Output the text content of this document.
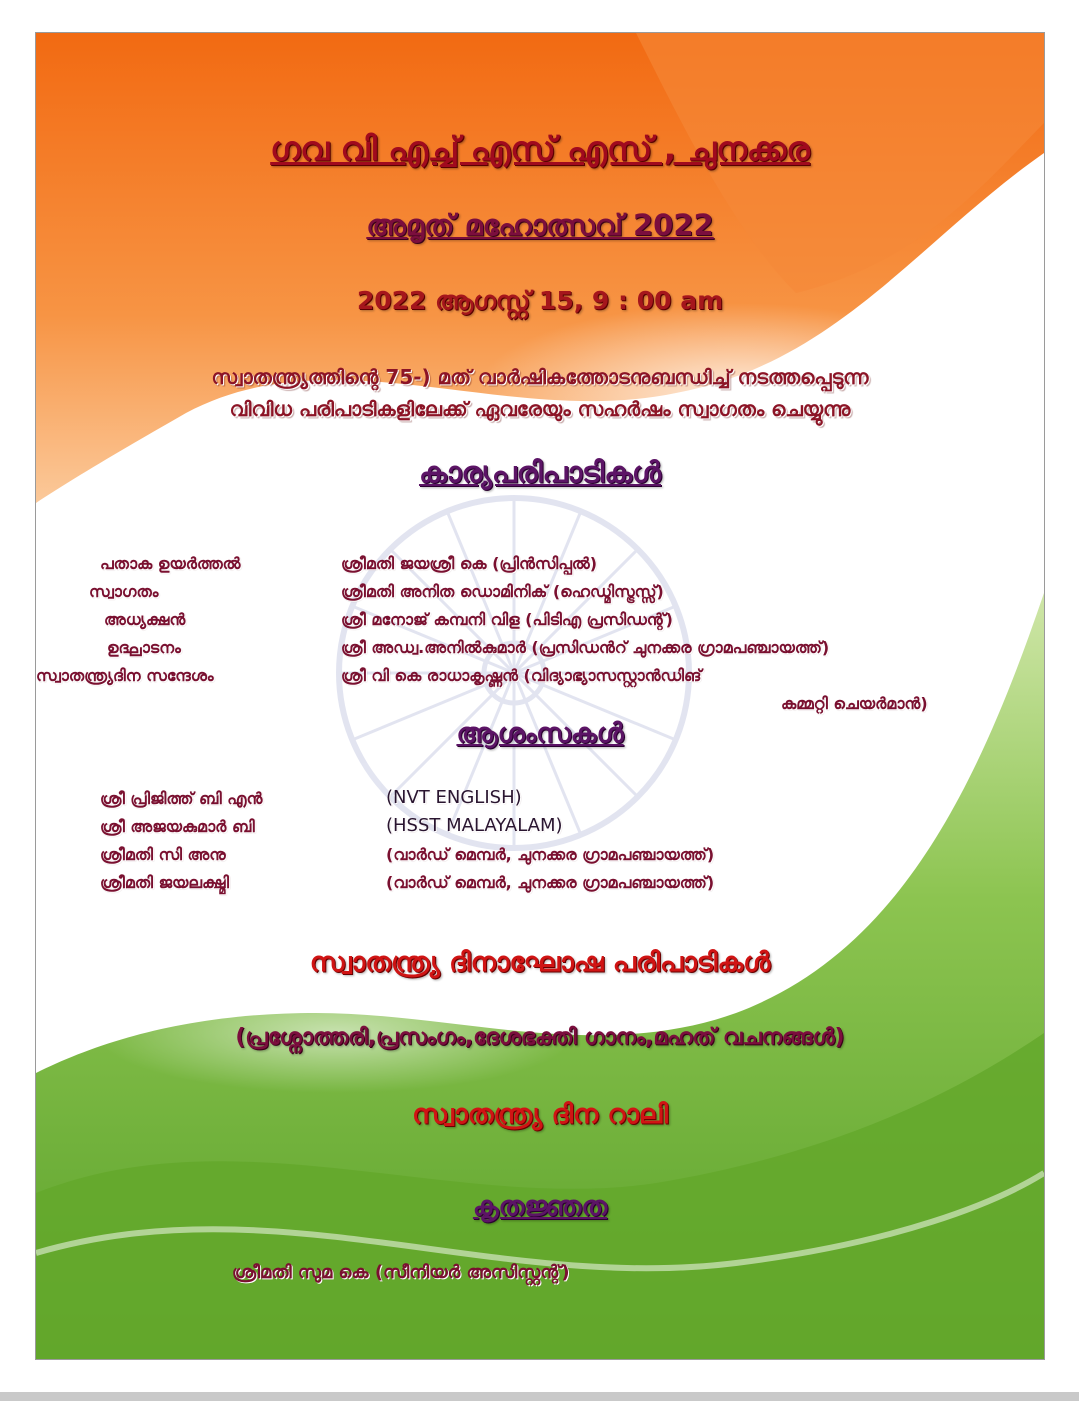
ഗവ വി എച്ച് എസ് എസ് , ചുനക്കര

അമൃത് മഹോത്സവ് 2022

2022 ആഗസ്റ്റ് 15, 9 : 00 am

സ്വാതന്ത്ര്യത്തിന്റെ 75-) മത് വാർഷികത്തോടനുബന്ധിച്ച് നടത്തപ്പെടുന്ന
വിവിധ പരിപാടികളിലേക്ക് ഏവരേയും സഹർഷം സ്വാഗതം ചെയ്യുന്നു

കാര്യപരിപാടികൾ

പതാക ഉയർത്തൽ	ശ്രീമതി ജയശ്രീ കെ (പ്രിൻസിപ്പൽ)

സ്വാഗതം	ശ്രീമതി അനിത ഡൊമിനിക് (ഹെഡ്മിസ്ട്രസ്സ്)

അധ്യക്ഷൻ	ശ്രീ മനോജ് കമ്പനി വിള (പിടിഎ പ്രസിഡന്റ്)

ഉദ്ഘാടനം	ശ്രീ അഡ്വ.അനിൽകുമാർ (പ്രസിഡൻറ് ചുനക്കര ഗ്രാമപഞ്ചായത്ത്)

സ്വാതന്ത്ര്യദിന സന്ദേശം	ശ്രീ വി കെ രാധാകൃഷ്ണൻ (വിദ്യാഭ്യാസസ്റ്റാൻഡിങ്

കമ്മറ്റി ചെയർമാൻ)

ആശംസകൾ

ശ്രീ പ്രിജിത്ത് ബി എൻ	(NVT ENGLISH)

ശ്രീ അജയകുമാർ ബി	(HSST MALAYALAM)

ശ്രീമതി സി അനു	(വാർഡ് മെമ്പർ, ചുനക്കര ഗ്രാമപഞ്ചായത്ത്)

ശ്രീമതി ജയലക്ഷ്മി	(വാർഡ് മെമ്പർ, ചുനക്കര ഗ്രാമപഞ്ചായത്ത്)

സ്വാതന്ത്ര്യ ദിനാഘോഷ പരിപാടികൾ

(പ്രശ്നോത്തരി,പ്രസംഗം,ദേശഭക്തി ഗാനം,മഹത് വചനങ്ങൾ)

സ്വാതന്ത്ര്യ ദിന റാലി

കൃതജ്ഞത

ശ്രീമതി സുമ കെ (സീനിയർ അസിസ്റ്റന്റ്)
